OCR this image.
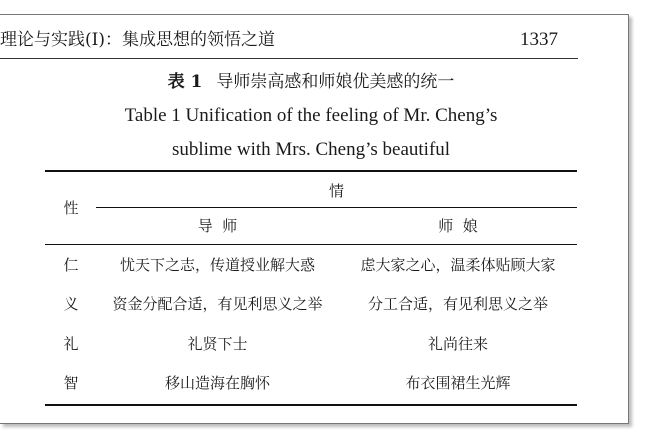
理论与实践(Ⅰ)：集成思想的领悟之道	1337
表 1 导师崇高感和师娘优美感的统一
Table 1 Unification of the feeling of Mr. Cheng’s
sublime with Mrs. Cheng’s beautiful
性
情
导  师	师  娘
仁	忧天下之志，传道授业解大惑	虑大家之心，温柔体贴顾大家
义	资金分配合适，有见利思义之举	分工合适，有见利思义之举
礼	礼贤下士	礼尚往来
智	移山造海在胸怀	布衣围裙生光辉
